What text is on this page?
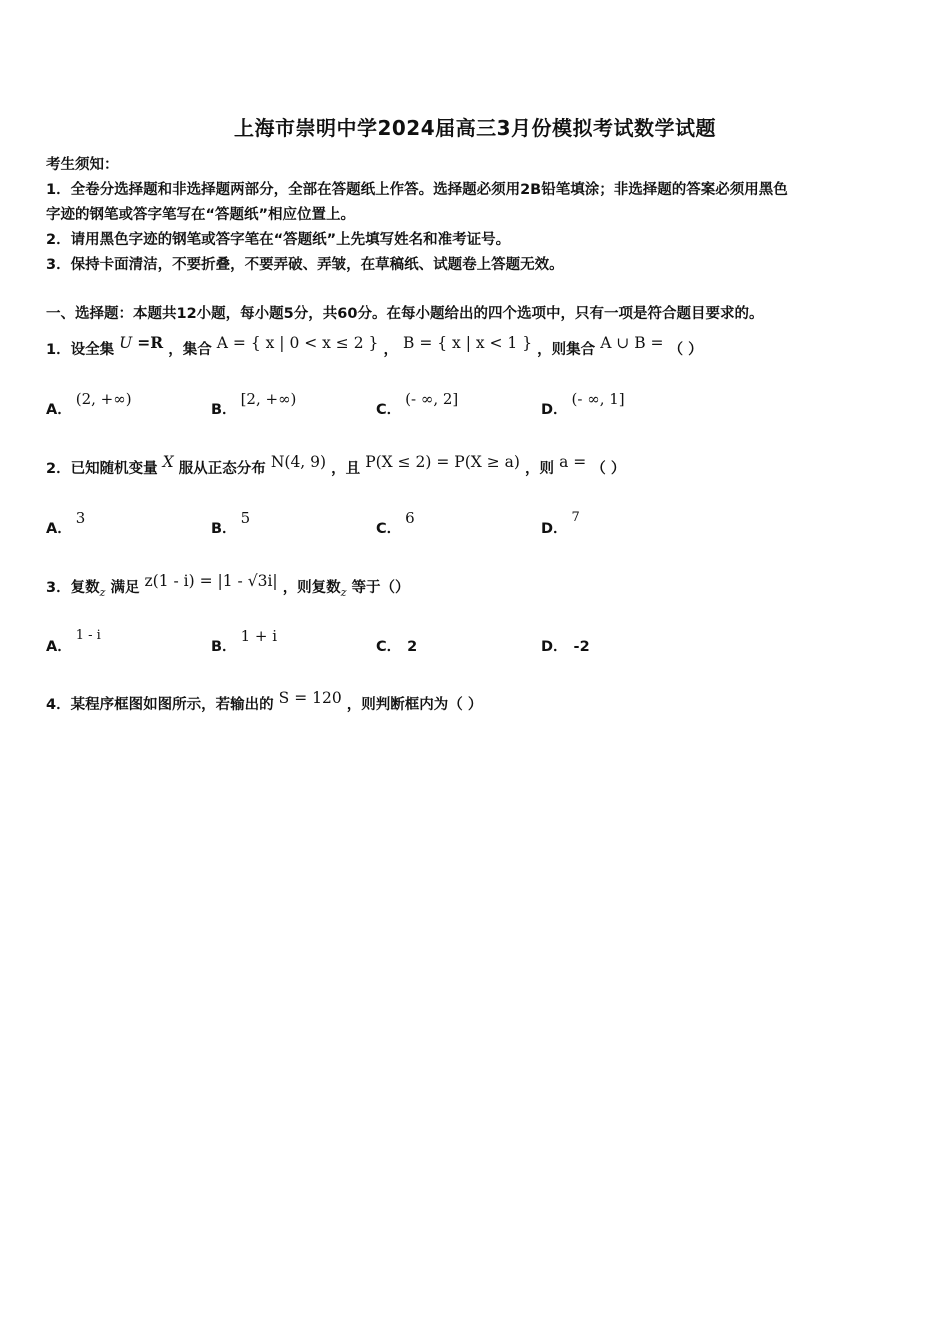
上海市崇明中学2024届高三3月份模拟考试数学试题
考生须知：
1．全卷分选择题和非选择题两部分，全部在答题纸上作答。选择题必须用2B铅笔填涂；非选择题的答案必须用黑色
字迹的钢笔或答字笔写在“答题纸”相应位置上。
2．请用黑色字迹的钢笔或答字笔在“答题纸”上先填写姓名和准考证号。
3．保持卡面清洁，不要折叠，不要弄破、弄皱，在草稿纸、试题卷上答题无效。
一、选择题：本题共12小题，每小题5分，共60分。在每小题给出的四个选项中，只有一项是符合题目要求的。
1．设全集 U =R ，集合 A = { x | 0 < x ≤ 2 } ， B = { x | x < 1 } ，则集合 A ∪ B = （ ）
A．(2, +∞)
B．[2, +∞)
C．(- ∞, 2]
D．(- ∞, 1]
2．已知随机变量 X 服从正态分布 N(4, 9) ，且 P(X ≤ 2) = P(X ≥ a) ，则 a = （ ）
A．3
B．5
C．6
D．7
3．复数$_z$ 满足 z(1 - i) = |1 - √3i| ，则复数$_z$ 等于（）
A．1 - i
B．1 + i
C． 2	D． -2
4．某程序框图如图所示，若输出的 S = 120 ，则判断框内为（ ）
